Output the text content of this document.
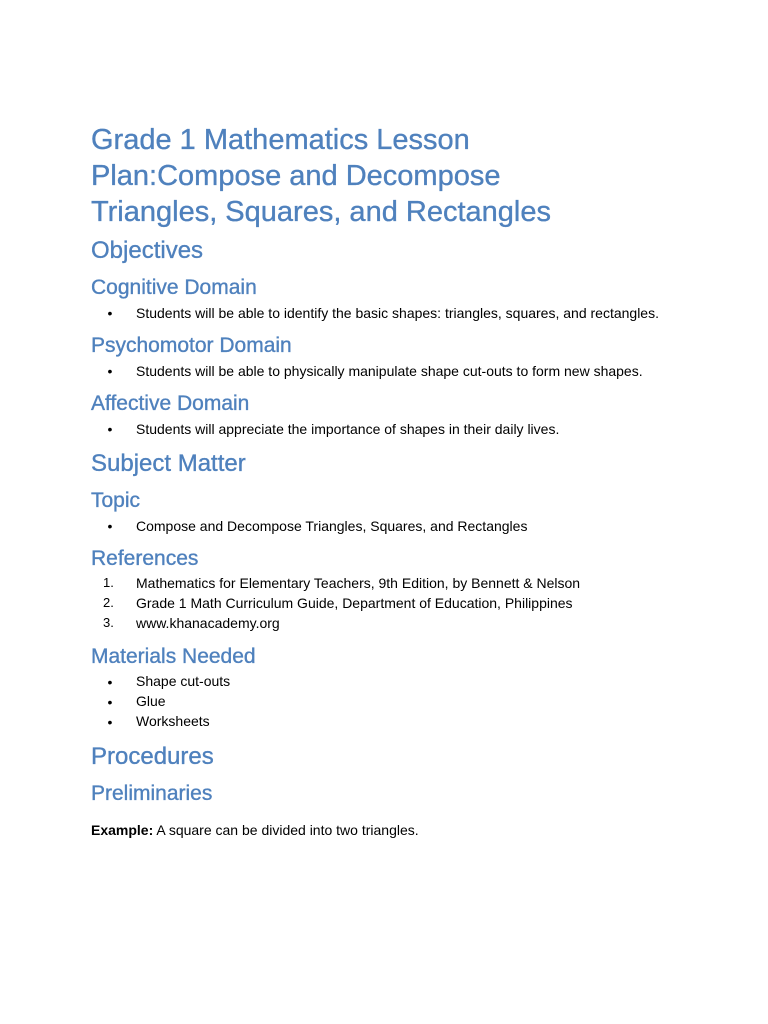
Grade 1 Mathematics Lesson
Plan:Compose and Decompose
Triangles, Squares, and Rectangles
Objectives
Cognitive Domain
• Students will be able to identify the basic shapes: triangles, squares, and rectangles.
Psychomotor Domain
• Students will be able to physically manipulate shape cut-outs to form new shapes.
Affective Domain
• Students will appreciate the importance of shapes in their daily lives.
Subject Matter
Topic
• Compose and Decompose Triangles, Squares, and Rectangles
References
1.	Mathematics for Elementary Teachers, 9th Edition, by Bennett & Nelson
2.	Grade 1 Math Curriculum Guide, Department of Education, Philippines
3.	www.khanacademy.org
Materials Needed
• Shape cut-outs
• Glue
• Worksheets
Procedures
Preliminaries

Example: A square can be divided into two triangles.
